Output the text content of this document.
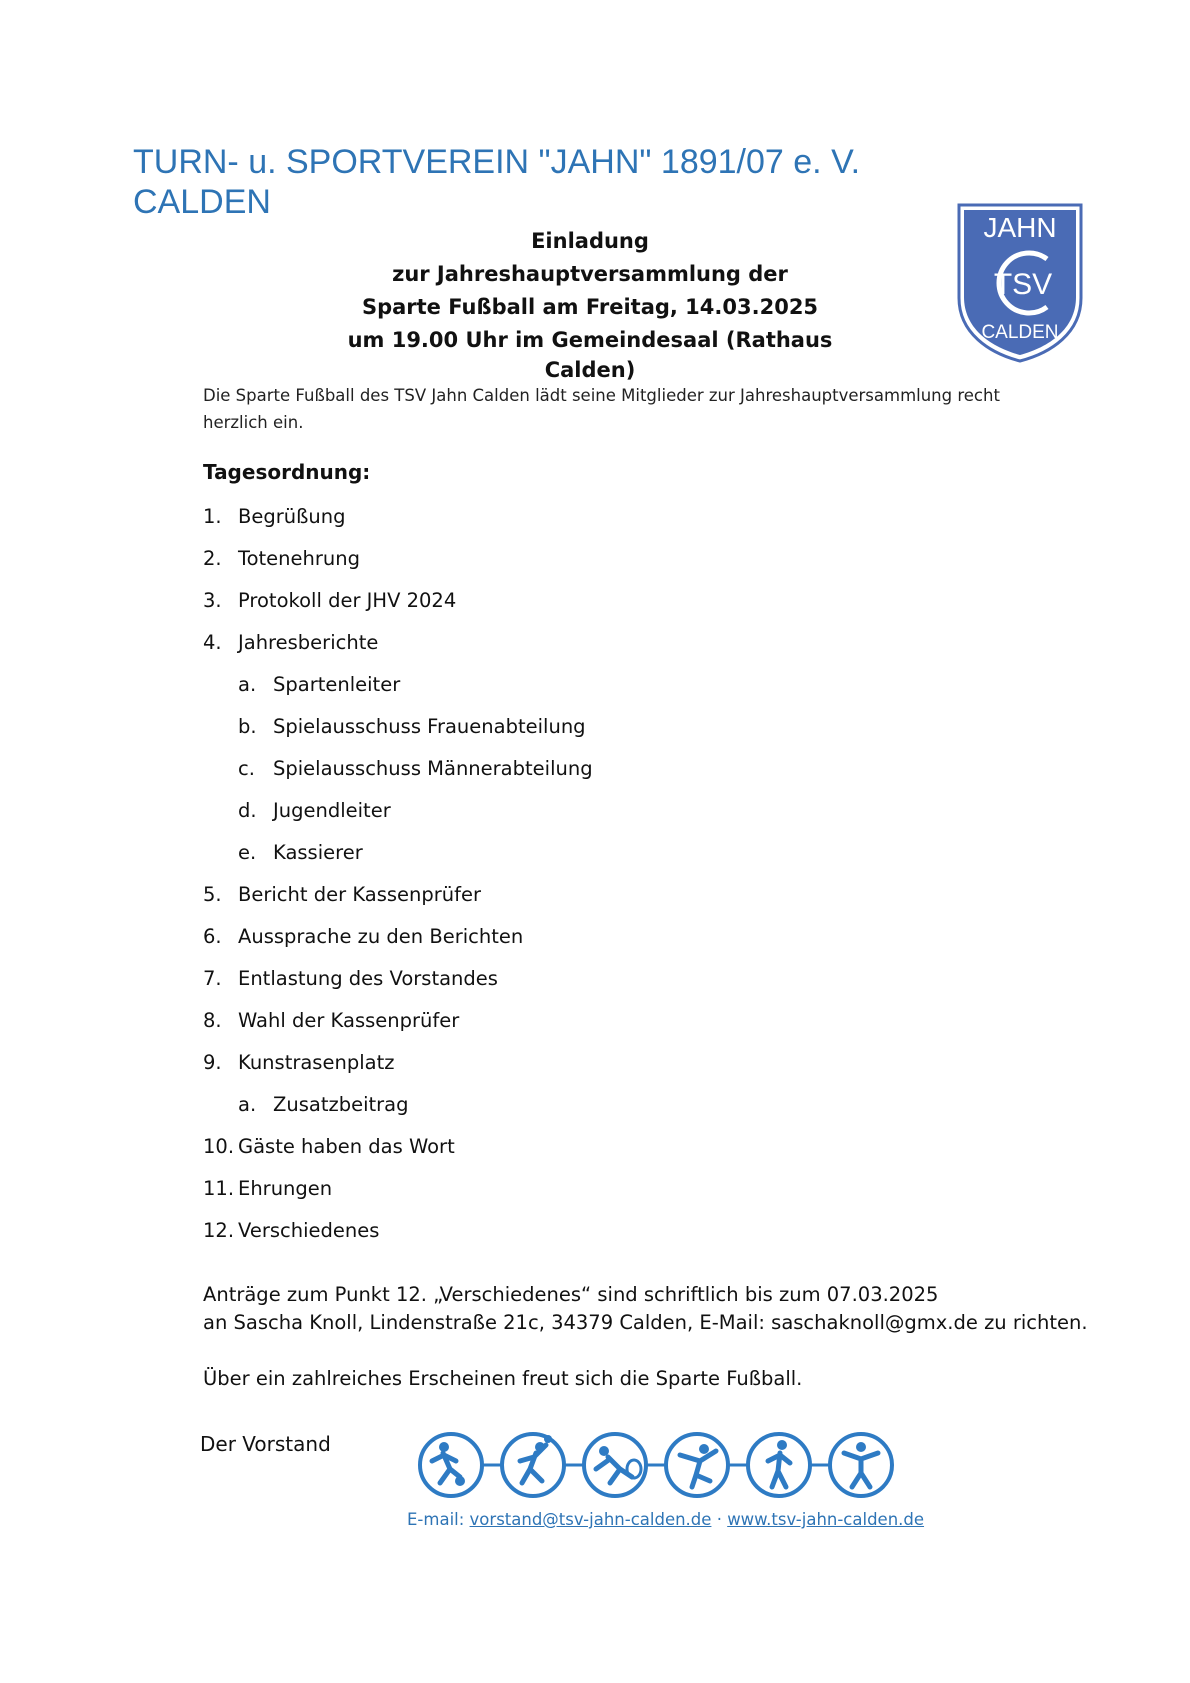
TURN- u. SPORTVEREIN "JAHN" 1891/07 e. V.
CALDEN
JAHN
TSV
CALDEN
Einladung
zur Jahreshauptversammlung der
Sparte Fußball am Freitag, 14.03.2025
um 19.00 Uhr im Gemeindesaal (Rathaus Calden)
Die Sparte Fußball des TSV Jahn Calden lädt seine Mitglieder zur Jahreshauptversammlung recht herzlich ein.
Tagesordnung:
1. Begrüßung
2. Totenehrung
3. Protokoll der JHV 2024
4. Jahresberichte
a. Spartenleiter
b. Spielausschuss Frauenabteilung
c. Spielausschuss Männerabteilung
d. Jugendleiter
e. Kassierer
5. Bericht der Kassenprüfer
6. Aussprache zu den Berichten
7. Entlastung des Vorstandes
8. Wahl der Kassenprüfer
9. Kunstrasenplatz
a. Zusatzbeitrag
10. Gäste haben das Wort
11. Ehrungen
12. Verschiedenes
Anträge zum Punkt 12. „Verschiedenes“ sind schriftlich bis zum 07.03.2025
an Sascha Knoll, Lindenstraße 21c, 34379 Calden, E-Mail: saschaknoll@gmx.de zu richten.
Über ein zahlreiches Erscheinen freut sich die Sparte Fußball.
Der Vorstand
E-mail: vorstand@tsv-jahn-calden.de · www.tsv-jahn-calden.de
